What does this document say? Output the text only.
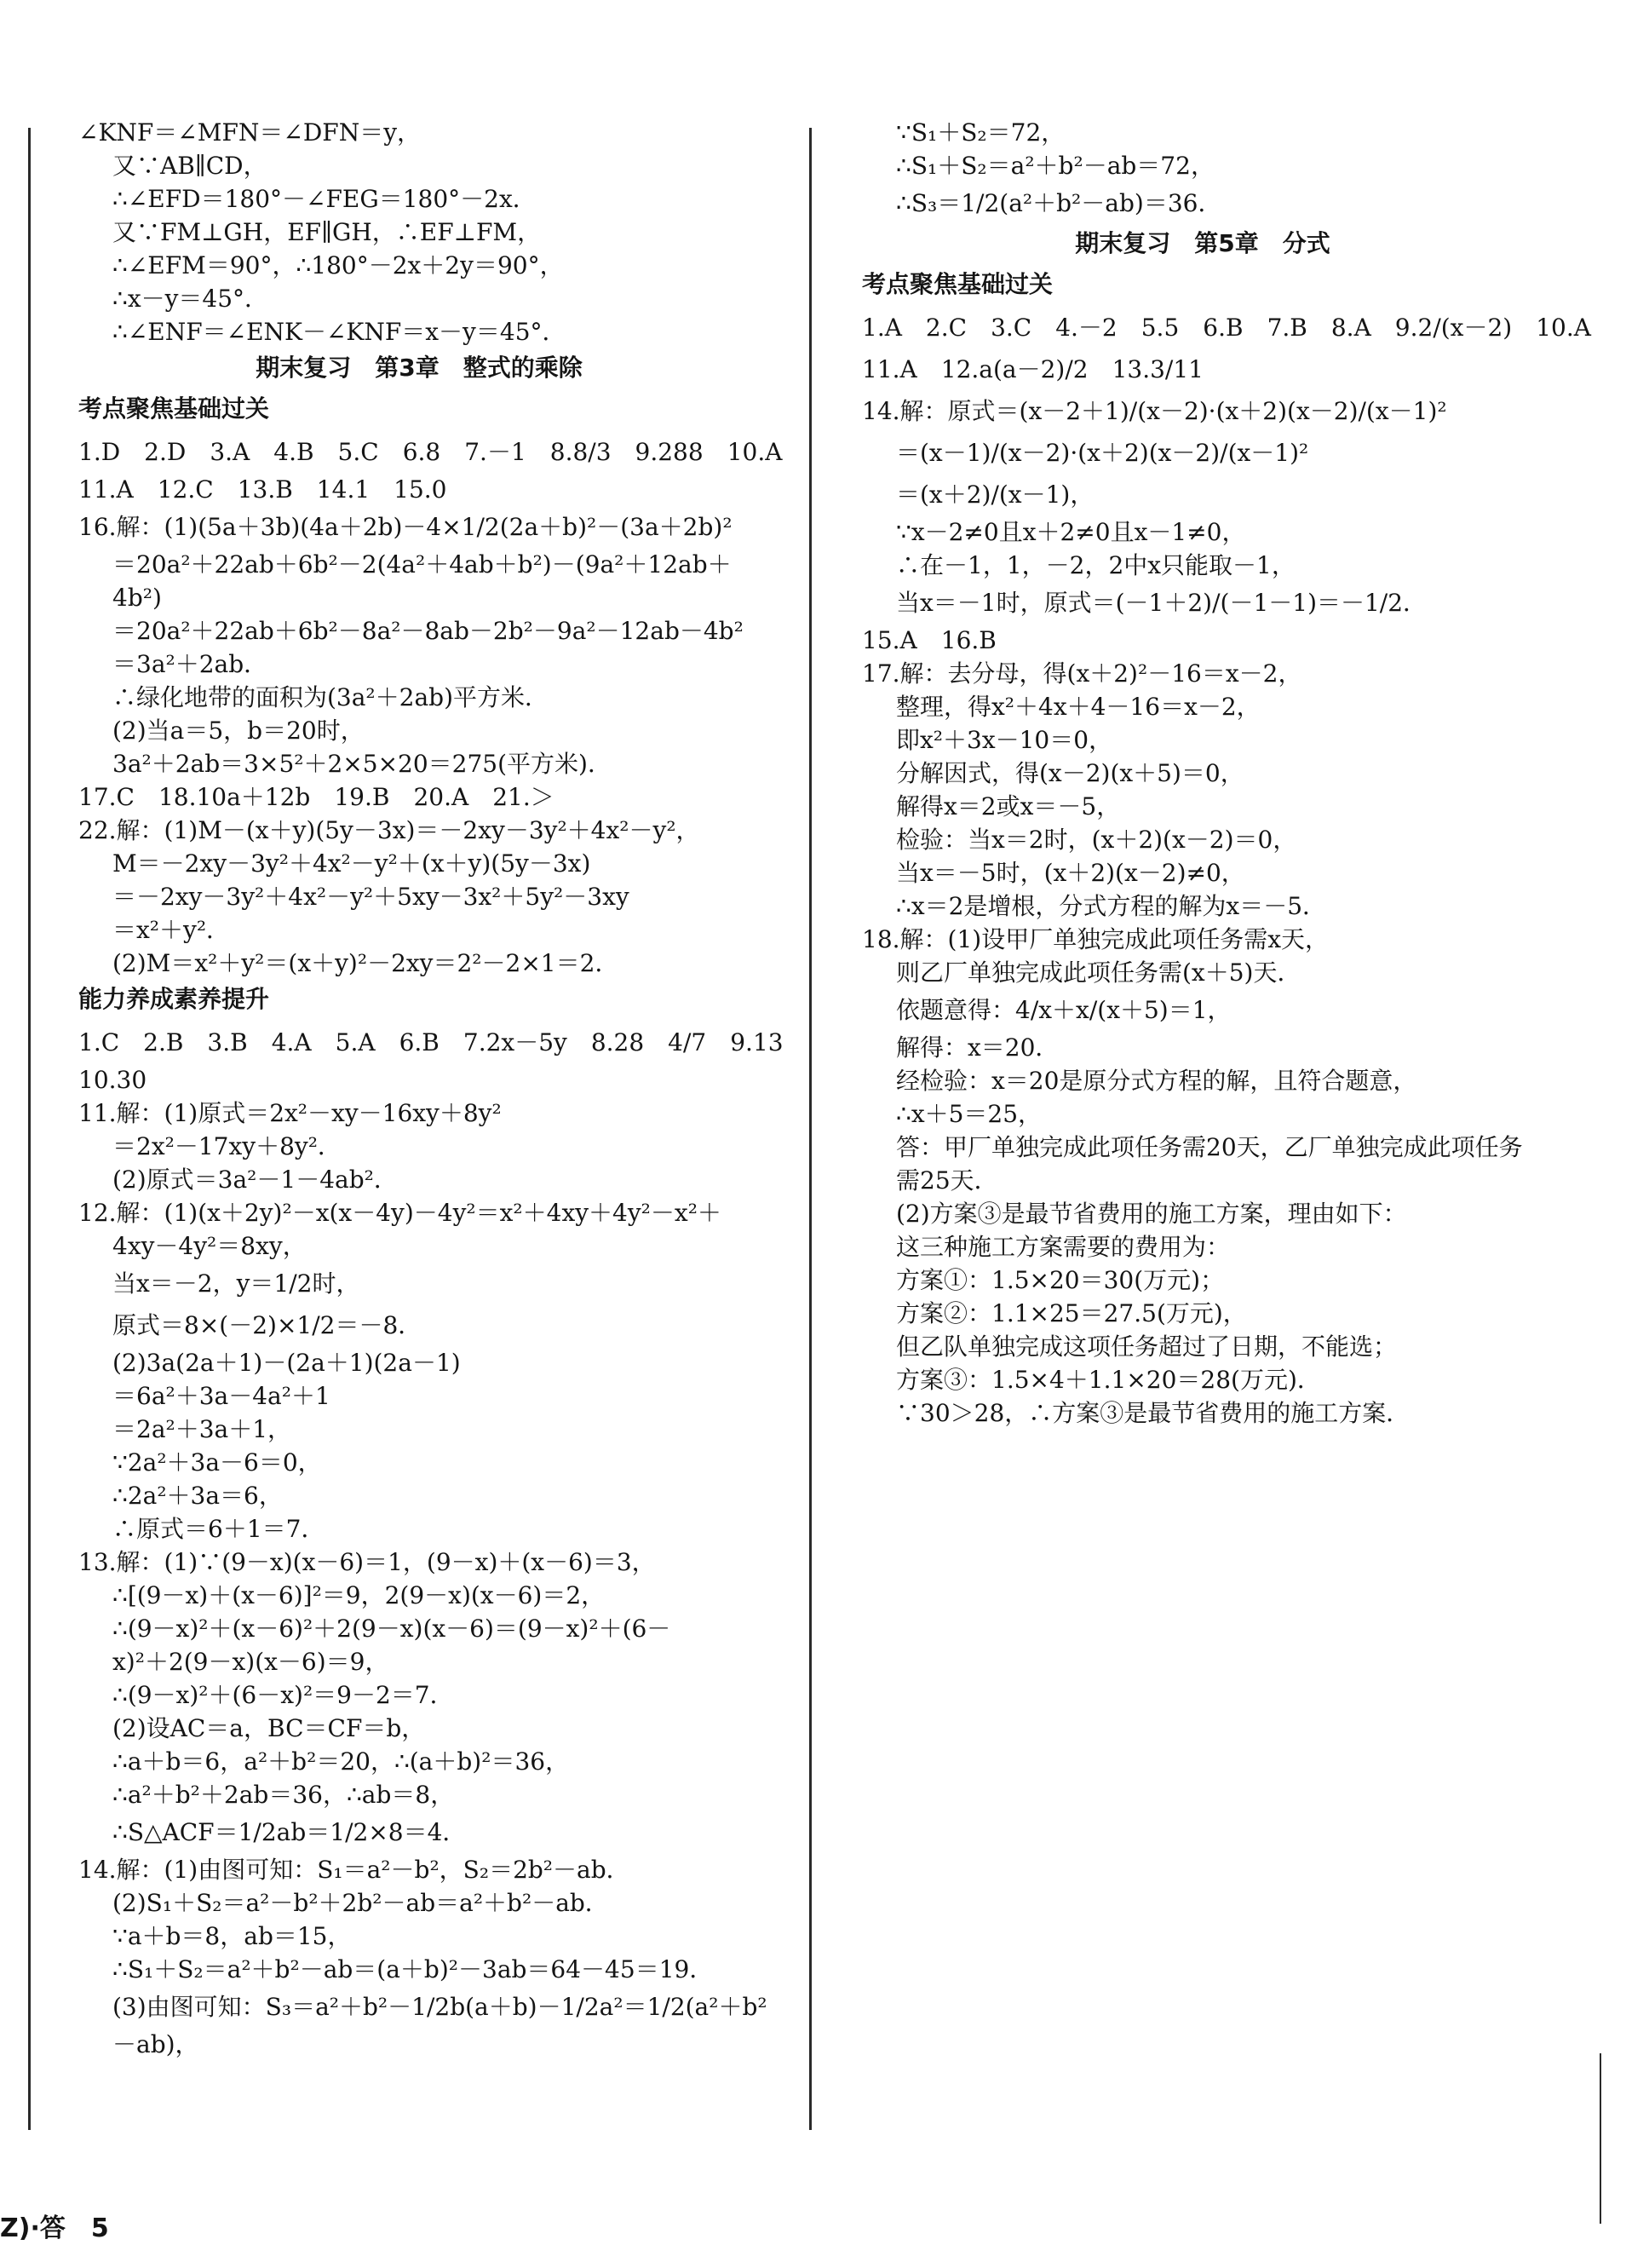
∠KNF＝∠MFN＝∠DFN＝y，
又∵AB∥CD，
∴∠EFD＝180°－∠FEG＝180°－2x．
又∵FM⊥GH，EF∥GH，∴EF⊥FM，
∴∠EFM＝90°，∴180°－2x＋2y＝90°，
∴x－y＝45°．
∴∠ENF＝∠ENK－∠KNF＝x－y＝45°．
期末复习　第3章　整式的乘除
考点聚焦基础过关
1.D　2.D　3.A　4.B　5.C　6.8　7.－1　8.8/3　9.288　10.A
11.A　12.C　13.B　14.1　15.0
16.解：(1)(5a＋3b)(4a＋2b)－4×1/2(2a＋b)²－(3a＋2b)²
＝20a²＋22ab＋6b²－2(4a²＋4ab＋b²)－(9a²＋12ab＋
4b²)
＝20a²＋22ab＋6b²－8a²－8ab－2b²－9a²－12ab－4b²
＝3a²＋2ab．
∴绿化地带的面积为(3a²＋2ab)平方米．
(2)当a＝5，b＝20时，
3a²＋2ab＝3×5²＋2×5×20＝275(平方米)．
17.C　18.10a＋12b　19.B　20.A　21.＞
22.解：(1)M－(x＋y)(5y－3x)＝－2xy－3y²＋4x²－y²，
M＝－2xy－3y²＋4x²－y²＋(x＋y)(5y－3x)
＝－2xy－3y²＋4x²－y²＋5xy－3x²＋5y²－3xy
＝x²＋y²．
(2)M＝x²＋y²＝(x＋y)²－2xy＝2²－2×1＝2．
能力养成素养提升
1.C　2.B　3.B　4.A　5.A　6.B　7.2x－5y　8.28　4/7　9.13
10.30
11.解：(1)原式＝2x²－xy－16xy＋8y²
＝2x²－17xy＋8y²．
(2)原式＝3a²－1－4ab²．
12.解：(1)(x＋2y)²－x(x－4y)－4y²＝x²＋4xy＋4y²－x²＋
4xy－4y²＝8xy，
当x＝－2，y＝1/2时，
原式＝8×(－2)×1/2＝－8．
(2)3a(2a＋1)－(2a＋1)(2a－1)
＝6a²＋3a－4a²＋1
＝2a²＋3a＋1，
∵2a²＋3a－6＝0，
∴2a²＋3a＝6，
∴原式＝6＋1＝7．
13.解：(1)∵(9－x)(x－6)＝1，(9－x)＋(x－6)＝3，
∴[(9－x)＋(x－6)]²＝9，2(9－x)(x－6)＝2，
∴(9－x)²＋(x－6)²＋2(9－x)(x－6)＝(9－x)²＋(6－
x)²＋2(9－x)(x－6)＝9，
∴(9－x)²＋(6－x)²＝9－2＝7．
(2)设AC＝a，BC＝CF＝b，
∴a＋b＝6，a²＋b²＝20，∴(a＋b)²＝36，
∴a²＋b²＋2ab＝36，∴ab＝8，
∴S△ACF＝1/2ab＝1/2×8＝4．
14.解：(1)由图可知：S₁＝a²－b²，S₂＝2b²－ab．
(2)S₁＋S₂＝a²－b²＋2b²－ab＝a²＋b²－ab．
∵a＋b＝8，ab＝15，
∴S₁＋S₂＝a²＋b²－ab＝(a＋b)²－3ab＝64－45＝19．
(3)由图可知：S₃＝a²＋b²－1/2b(a＋b)－1/2a²＝1/2(a²＋b²
－ab)，
∵S₁＋S₂＝72，
∴S₁＋S₂＝a²＋b²－ab＝72，
∴S₃＝1/2(a²＋b²－ab)＝36．
期末复习　第5章　分式
考点聚焦基础过关
1.A　2.C　3.C　4.－2　5.5　6.B　7.B　8.A　9.2/(x－2)　10.A
11.A　12.a(a－2)/2　13.3/11
14.解：原式＝(x－2＋1)/(x－2)·(x＋2)(x－2)/(x－1)²
＝(x－1)/(x－2)·(x＋2)(x－2)/(x－1)²
＝(x＋2)/(x－1)，
∵x－2≠0且x＋2≠0且x－1≠0，
∴在－1，1，－2，2中x只能取－1，
当x＝－1时，原式＝(－1＋2)/(－1－1)＝－1/2．
15.A　16.B
17.解：去分母，得(x＋2)²－16＝x－2，
整理，得x²＋4x＋4－16＝x－2，
即x²＋3x－10＝0，
分解因式，得(x－2)(x＋5)＝0，
解得x＝2或x＝－5，
检验：当x＝2时，(x＋2)(x－2)＝0，
当x＝－5时，(x＋2)(x－2)≠0，
∴x＝2是增根，分式方程的解为x＝－5．
18.解：(1)设甲厂单独完成此项任务需x天，
则乙厂单独完成此项任务需(x＋5)天．
依题意得：4/x＋x/(x＋5)＝1，
解得：x＝20．
经检验：x＝20是原分式方程的解，且符合题意，
∴x＋5＝25，
答：甲厂单独完成此项任务需20天，乙厂单独完成此项任务
需25天．
(2)方案③是最节省费用的施工方案，理由如下：
这三种施工方案需要的费用为：
方案①：1.5×20＝30(万元)；
方案②：1.1×25＝27.5(万元)，
但乙队单独完成这项任务超过了日期，不能选；
方案③：1.5×4＋1.1×20＝28(万元)．
∵30＞28，∴方案③是最节省费用的施工方案．
Z)·答　5
